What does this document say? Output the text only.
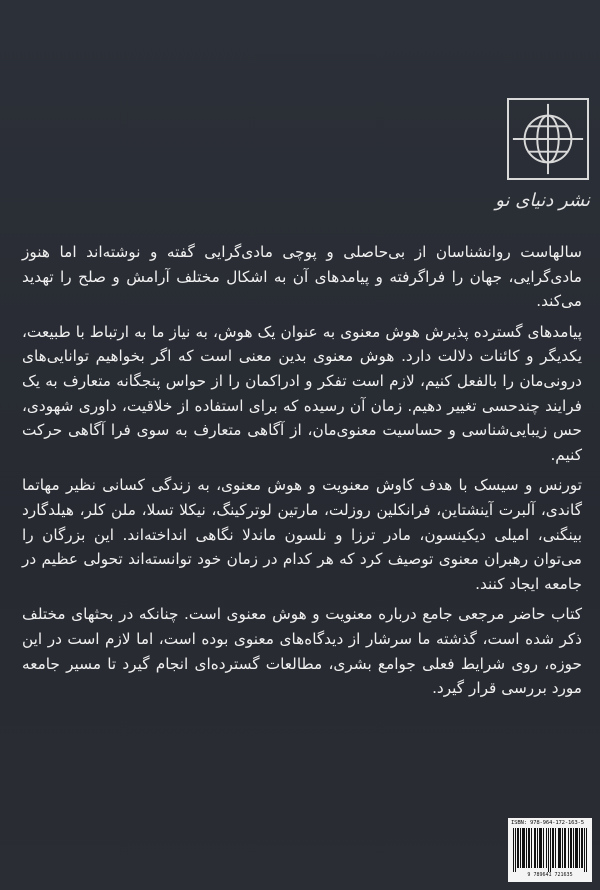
نشر دنیای نو

سالهاست روانشناسان از بی‌حاصلی و پوچی مادی‌گرایی گفته و نوشته‌اند اما هنوز مادی‌گرایی، جهان را فراگرفته و پیامدهای آن به اشکال مختلف آرامش و صلح را تهدید می‌کند.

پیامدهای گسترده پذیرش هوش معنوی به عنوان یک هوش، به نیاز ما به ارتباط با طبیعت، یکدیگر و کائنات دلالت دارد. هوش معنوی بدین معنی است که اگر بخواهیم توانایی‌های درونی‌مان را بالفعل کنیم، لازم است تفکر و ادراکمان را از حواس پنجگانه متعارف به یک فرایند چندحسی تغییر دهیم. زمان آن رسیده که برای استفاده از خلاقیت، داوری شهودی، حس زیبایی‌شناسی و حساسیت معنوی‌مان، از آگاهی متعارف به سوی فرا آگاهی حرکت کنیم.

تورنس و سیسک با هدف کاوش معنویت و هوش معنوی، به زندگی کسانی نظیر مهاتما گاندی، آلبرت آینشتاین، فرانکلین روزلت، مارتین لوترکینگ، نیکلا تسلا، ملن کلر، هیلدگارد بینگنی، امیلی دیکینسون، مادر ترزا و نلسون ماندلا نگاهی انداخته‌اند. این بزرگان را می‌توان رهبران معنوی توصیف کرد که هر کدام در زمان خود توانسته‌اند تحولی عظیم در جامعه ایجاد کنند.

کتاب حاضر مرجعی جامع درباره معنویت و هوش معنوی است. چنانکه در بحثهای مختلف ذکر شده است، گذشته ما سرشار از دیدگاه‌های معنوی بوده است، اما لازم است در این حوزه، روی شرایط فعلی جوامع بشری، مطالعات گسترده‌ای انجام گیرد تا مسیر جامعه مورد بررسی قرار گیرد.

ISBN: 978-964-172-163-5
9 789641 721635
